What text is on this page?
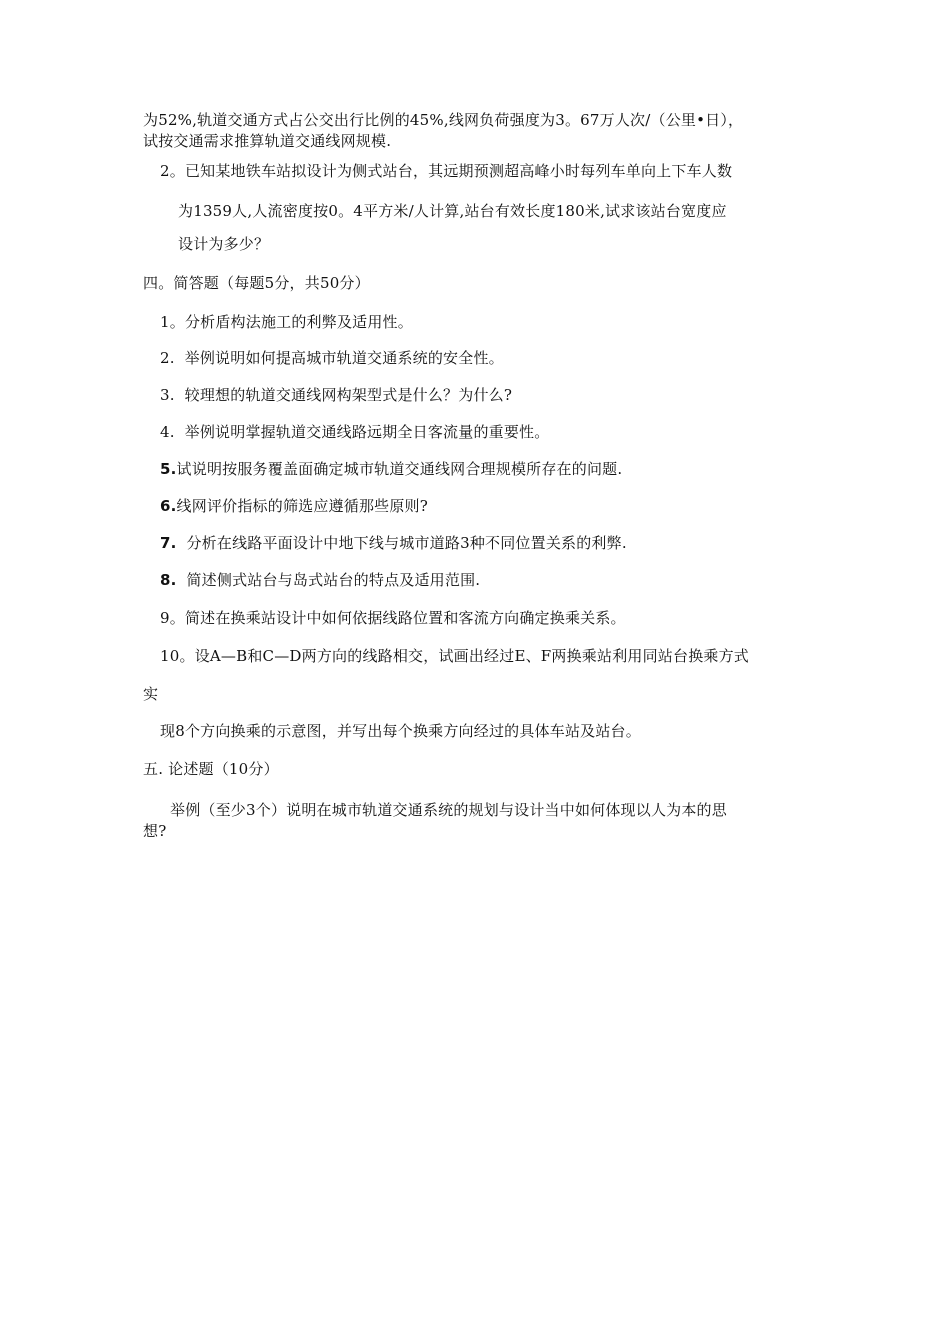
为52%,轨道交通方式占公交出行比例的45%,线网负荷强度为3。67万人次/（公里•日），
试按交通需求推算轨道交通线网规模.
2。已知某地铁车站拟设计为侧式站台，其远期预测超高峰小时每列车单向上下车人数
为1359人,人流密度按0。4平方米/人计算,站台有效长度180米,试求该站台宽度应
设计为多少？
四。简答题（每题5分，共50分）
1。分析盾构法施工的利弊及适用性。
2. 举例说明如何提高城市轨道交通系统的安全性。
3. 较理想的轨道交通线网构架型式是什么？为什么?
4. 举例说明掌握轨道交通线路远期全日客流量的重要性。
5.试说明按服务覆盖面确定城市轨道交通线网合理规模所存在的问题.
6.线网评价指标的筛选应遵循那些原则?
7. 分析在线路平面设计中地下线与城市道路3种不同位置关系的利弊.
8. 简述侧式站台与岛式站台的特点及适用范围.
9。简述在换乘站设计中如何依据线路位置和客流方向确定换乘关系。
10。设A—B和C—D两方向的线路相交，试画出经过E、F两换乘站利用同站台换乘方式
实
现8个方向换乘的示意图，并写出每个换乘方向经过的具体车站及站台。
五. 论述题（10分）
举例（至少3个）说明在城市轨道交通系统的规划与设计当中如何体现以人为本的思
想?
